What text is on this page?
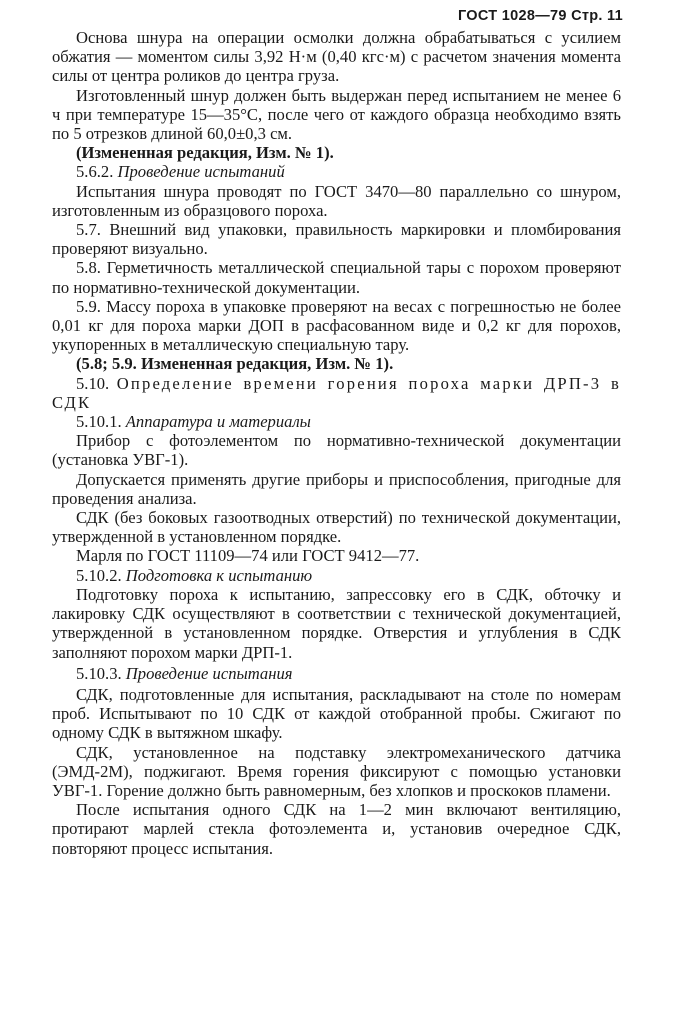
ГОСТ 1028—79 Стр. 11

Основа шнура на операции осмолки должна обрабатываться с усилием обжатия — моментом силы 3,92 Н·м (0,40 кгс·м) с расчетом значения момента силы от центра роликов до центра груза.

Изготовленный шнур должен быть выдержан перед испытанием не менее 6 ч при температуре 15—35°С, после чего от каждого образца необходимо взять по 5 отрезков длиной 60,0±0,3 см.

(Измененная редакция, Изм. № 1).

5.6.2. Проведение испытаний

Испытания шнура проводят по ГОСТ 3470—80 параллельно со шнуром, изготовленным из образцового пороха.

5.7. Внешний вид упаковки, правильность маркировки и пломбирования проверяют визуально.

5.8. Герметичность металлической специальной тары с порохом проверяют по нормативно-технической документации.

5.9. Массу пороха в упаковке проверяют на весах с погрешностью не более 0,01 кг для пороха марки ДОП в расфасованном виде и 0,2 кг для порохов, укупоренных в металлическую специальную тару.

(5.8; 5.9. Измененная редакция, Изм. № 1).

5.10. Определение времени горения пороха марки ДРП-3 в СДК

5.10.1. Аппаратура и материалы

Прибор с фотоэлементом по нормативно-технической документации (установка УВГ-1).

Допускается применять другие приборы и приспособления, пригодные для проведения анализа.

СДК (без боковых газоотводных отверстий) по технической документации, утвержденной в установленном порядке.

Марля по ГОСТ 11109—74 или ГОСТ 9412—77.

5.10.2. Подготовка к испытанию

Подготовку пороха к испытанию, запрессовку его в СДК, обточку и лакировку СДК осуществляют в соответствии с технической документацией, утвержденной в установленном порядке. Отверстия и углубления в СДК заполняют порохом марки ДРП-1.

5.10.3. Проведение испытания

СДК, подготовленные для испытания, раскладывают на столе по номерам проб. Испытывают по 10 СДК от каждой отобранной пробы. Сжигают по одному СДК в вытяжном шкафу.

СДК, установленное на подставку электромеханического датчика (ЭМД-2М), поджигают. Время горения фиксируют с помощью установки УВГ-1. Горение должно быть равномерным, без хлопков и проскоков пламени.

После испытания одного СДК на 1—2 мин включают вентиляцию, протирают марлей стекла фотоэлемента и, установив очередное СДК, повторяют процесс испытания.
